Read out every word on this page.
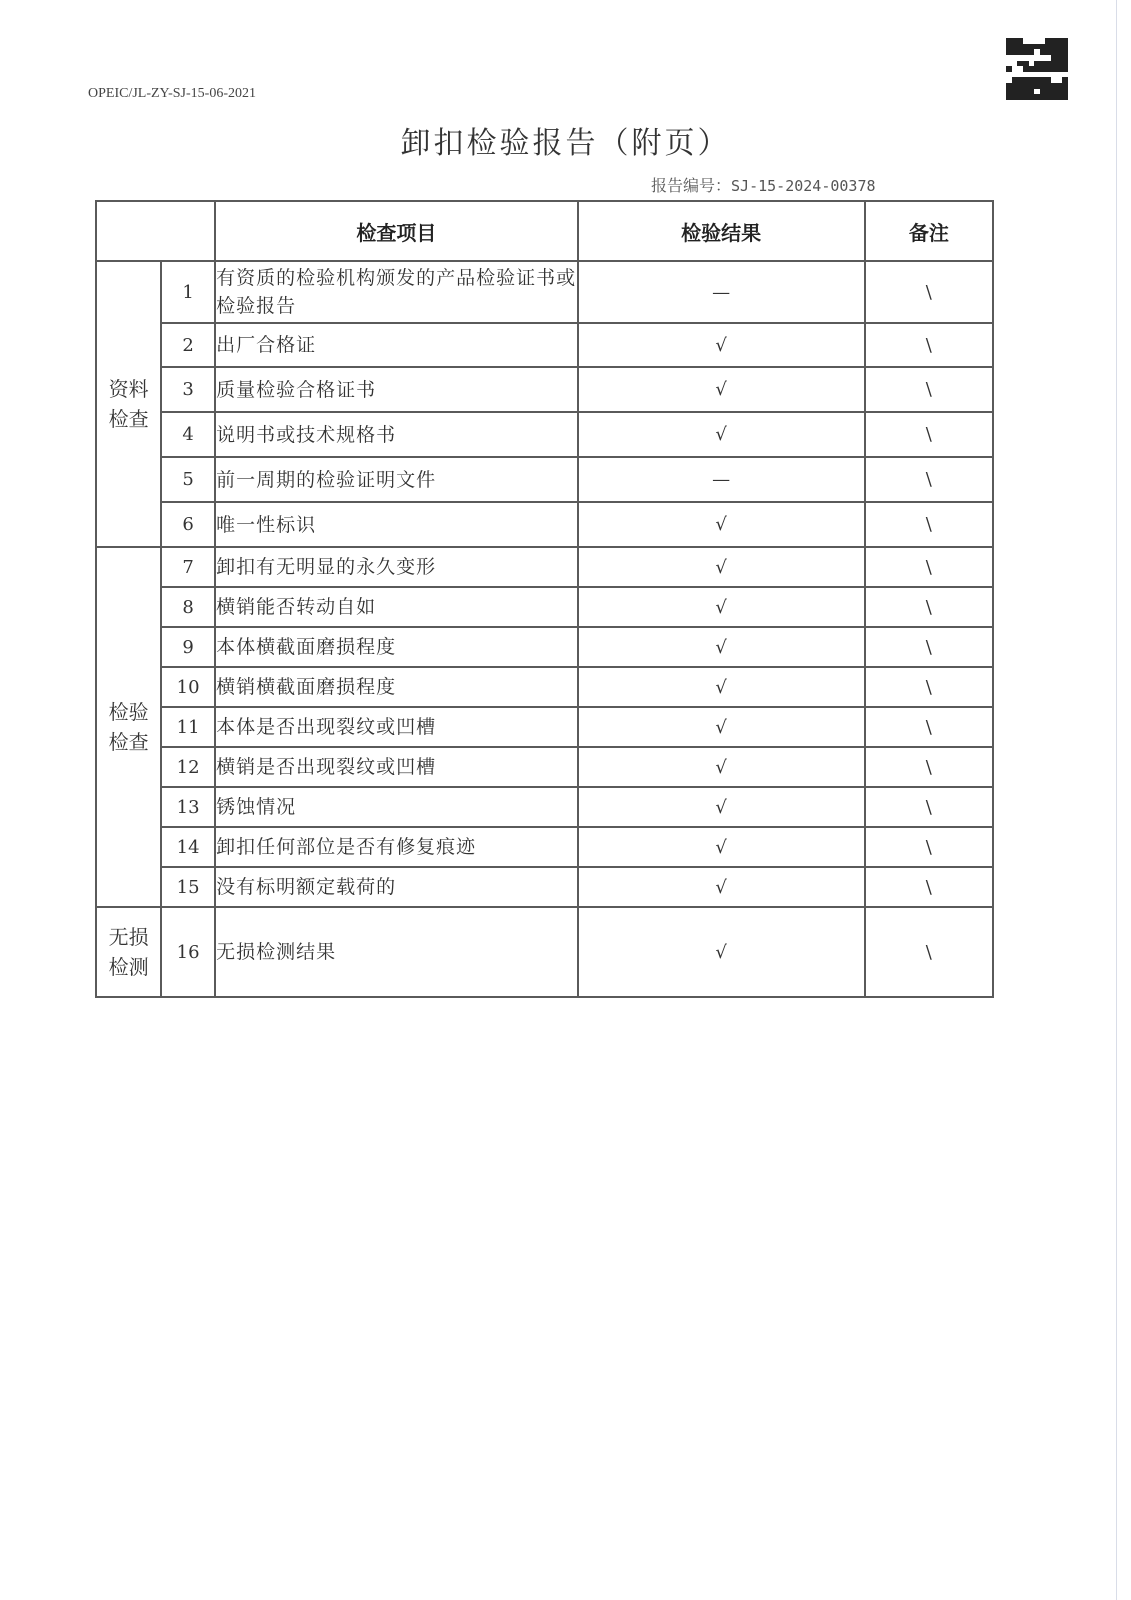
OPEIC/JL-ZY-SJ-15-06-2021
卸扣检验报告（附页）
报告编号：SJ-15-2024-00378
		检查项目	检验结果	备注
资料检查	1	有资质的检验机构颁发的产品检验证书或检验报告	—	\
	2	出厂合格证	√	\
	3	质量检验合格证书	√	\
	4	说明书或技术规格书	√	\
	5	前一周期的检验证明文件	—	\
	6	唯一性标识	√	\
检验检查	7	卸扣有无明显的永久变形	√	\
	8	横销能否转动自如	√	\
	9	本体横截面磨损程度	√	\
	10	横销横截面磨损程度	√	\
	11	本体是否出现裂纹或凹槽	√	\
	12	横销是否出现裂纹或凹槽	√	\
	13	锈蚀情况	√	\
	14	卸扣任何部位是否有修复痕迹	√	\
	15	没有标明额定载荷的	√	\
无损检测	16	无损检测结果	√	\
